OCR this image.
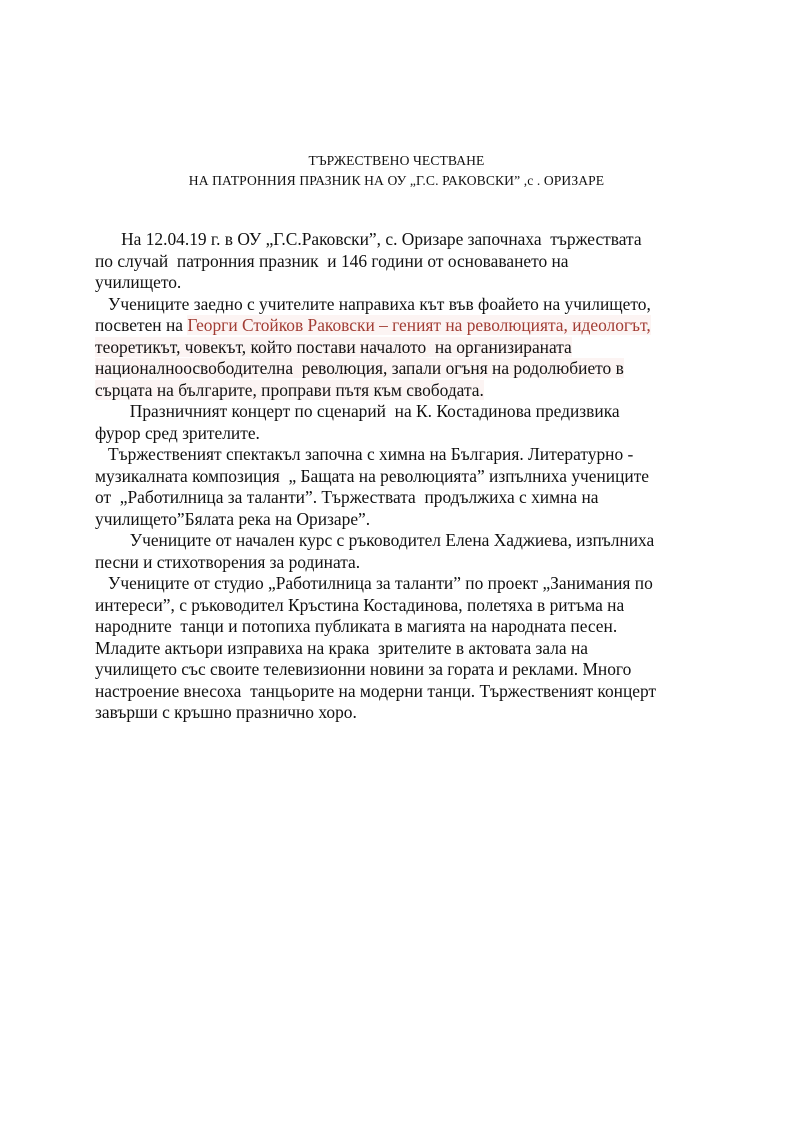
ТЪРЖЕСТВЕНО ЧЕСТВАНЕ
НА ПАТРОННИЯ ПРАЗНИК НА ОУ „Г.С. РАКОВСКИ” ,с . ОРИЗАРЕ
На 12.04.19 г. в ОУ „Г.С.Раковски”, с. Оризаре започнаха  тържествата
по случай  патронния празник  и 146 години от основаването на
училището.
Учениците заедно с учителите направиха кът във фоайето на училището,
посветен на Георги Стойков Раковски – геният на революцията, идеологът,
теоретикът, човекът, който постави началото  на организираната
националноосвободителна  революция, запали огъня на родолюбието в
сърцата на българите, проправи пътя към свободата.
Празничният концерт по сценарий  на К. Костадинова предизвика
фурор сред зрителите.
Тържественият спектакъл започна с химна на България. Литературно -
музикалната композиция  „ Бащата на революцията” изпълниха учениците
от  „Работилница за таланти”. Тържествата  продължиха с химна на
училището”Бялата река на Оризаре”.
Учениците от начален курс с ръководител Елена Хаджиева, изпълниха
песни и стихотворения за родината.
Учениците от студио „Работилница за таланти” по проект „Занимания по
интереси”, с ръководител Кръстина Костадинова, полетяха в ритъма на
народните  танци и потопиха публиката в магията на народната песен.
Младите актьори изправиха на крака  зрителите в актовата зала на
училището със своите телевизионни новини за гората и реклами. Много
настроение внесоха  танцьорите на модерни танци. Тържественият концерт
завърши с кръшно празнично хоро.
